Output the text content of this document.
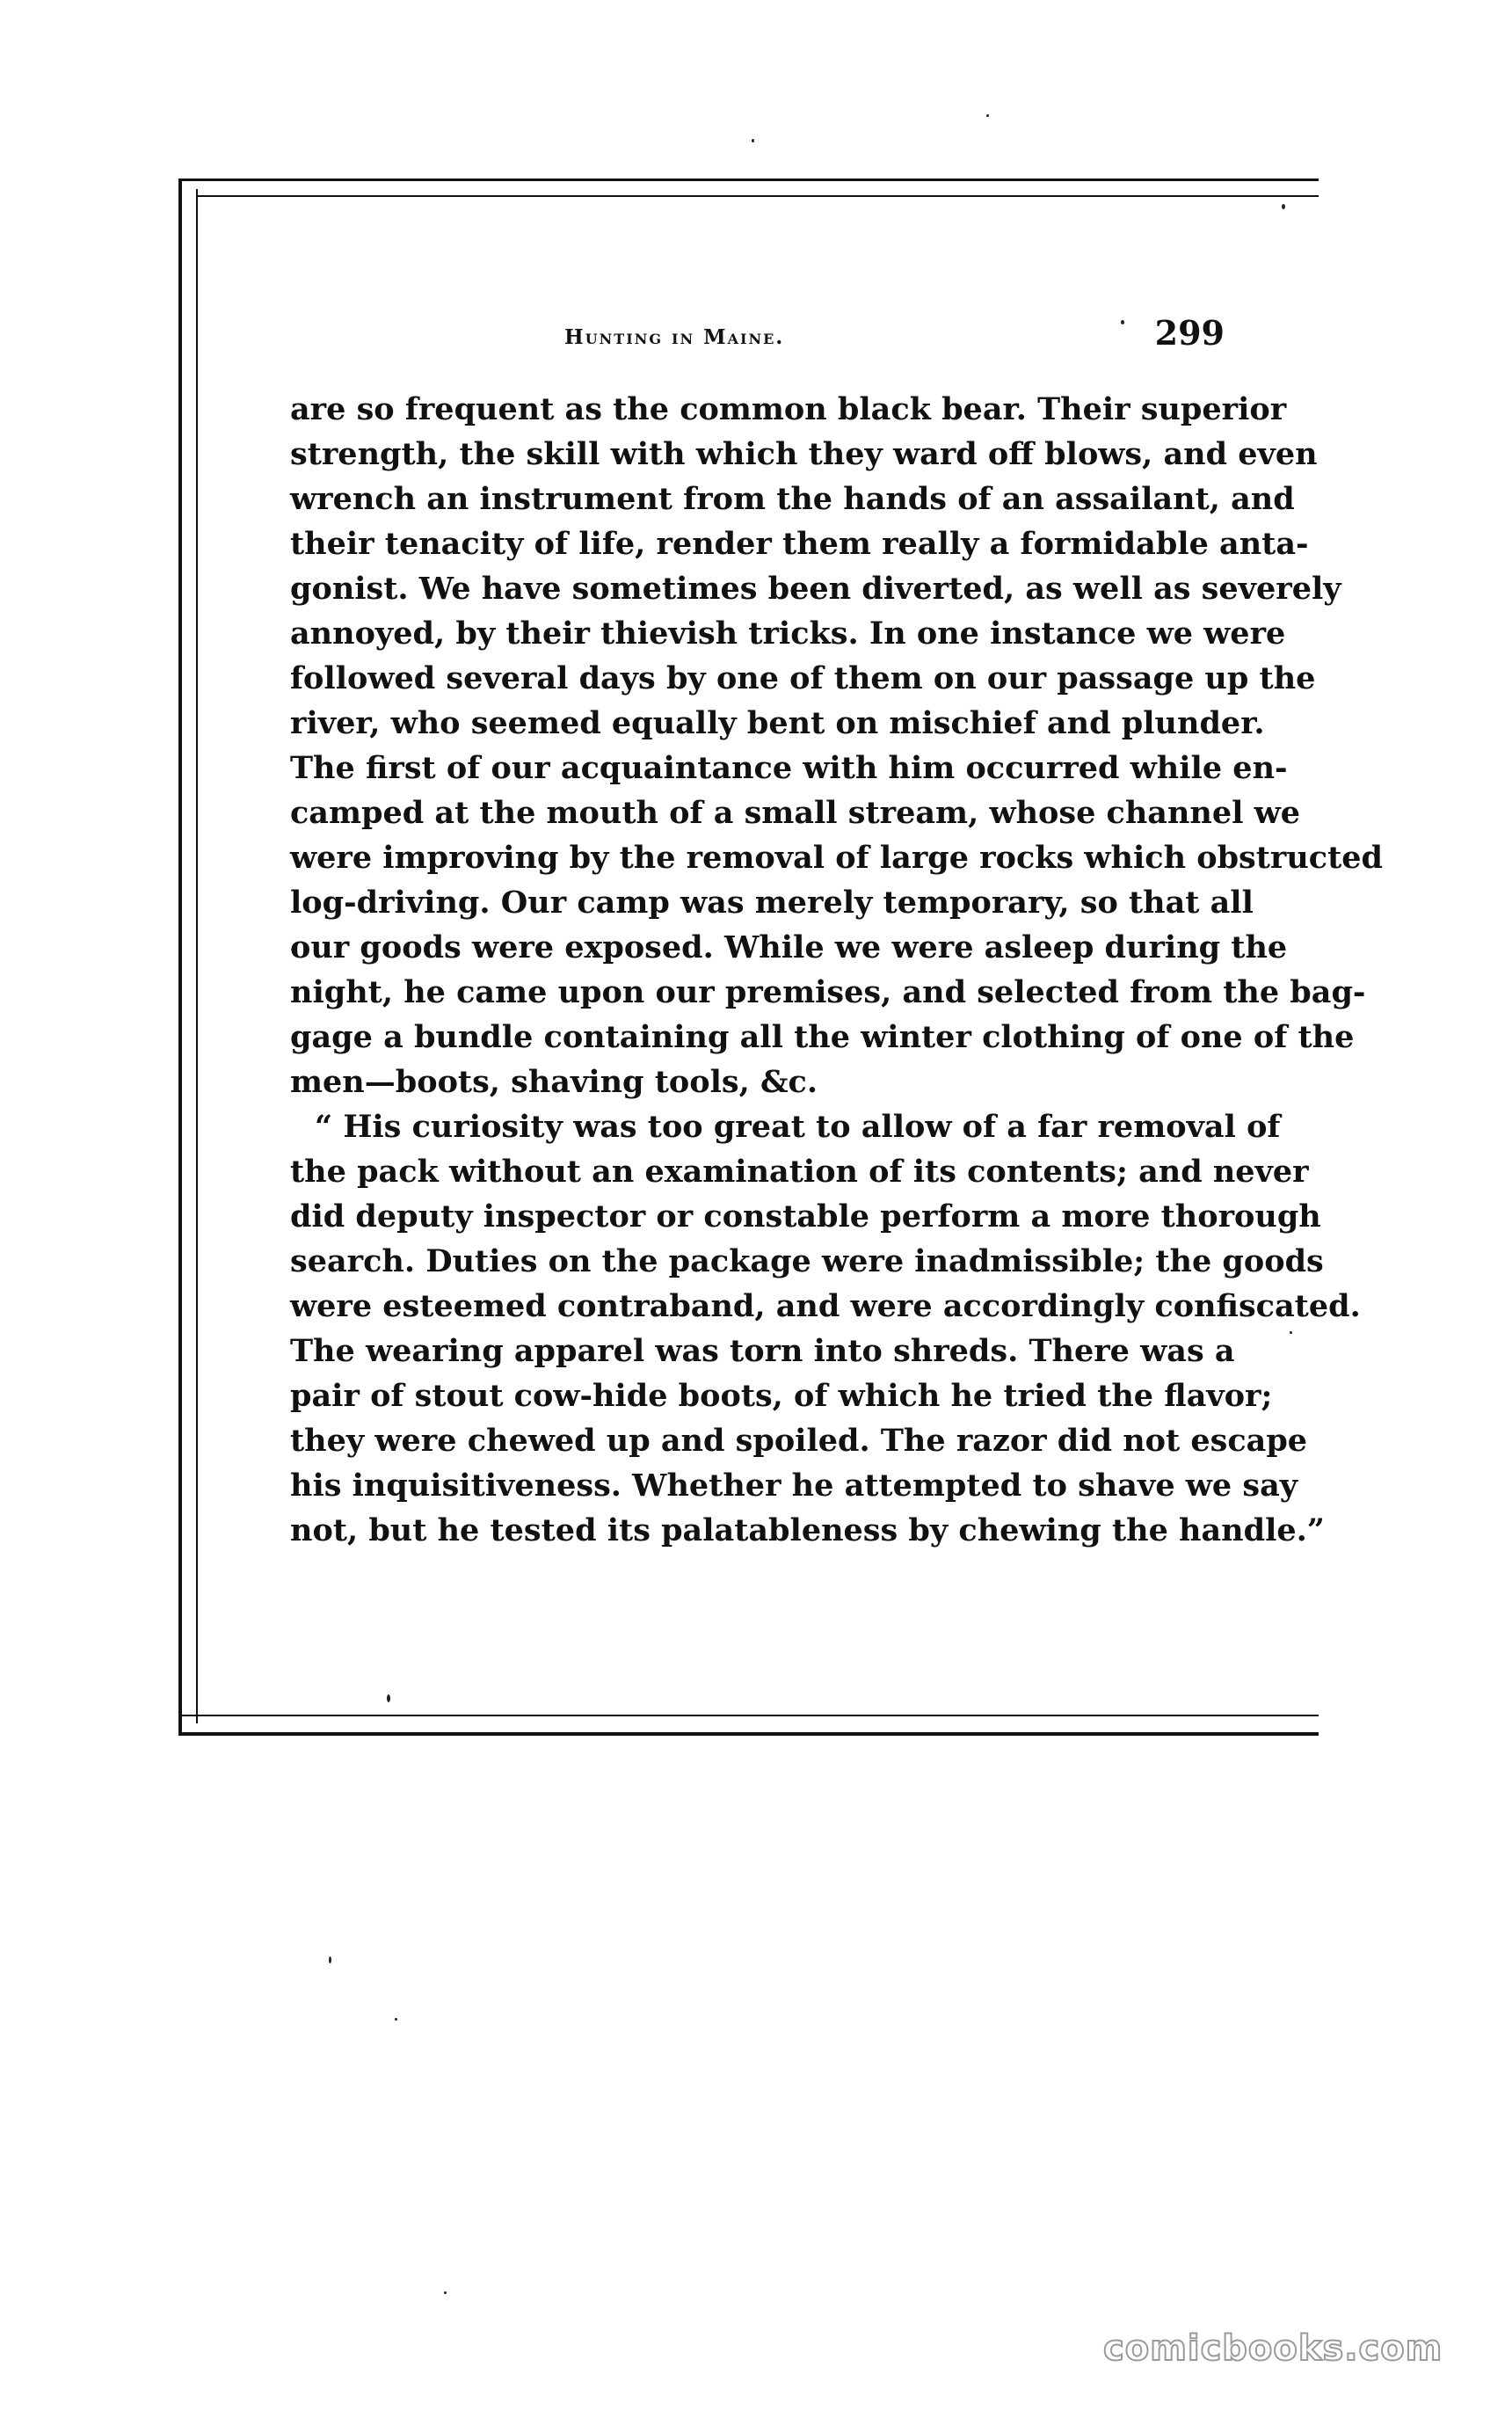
Hunting in Maine.	299
are so frequent as the common black bear. Their superior
strength, the skill with which they ward off blows, and even
wrench an instrument from the hands of an assailant, and
their tenacity of life, render them really a formidable anta-
gonist. We have sometimes been diverted, as well as severely
annoyed, by their thievish tricks. In one instance we were
followed several days by one of them on our passage up the
river, who seemed equally bent on mischief and plunder.
The first of our acquaintance with him occurred while en-
camped at the mouth of a small stream, whose channel we
were improving by the removal of large rocks which obstructed
log-driving. Our camp was merely temporary, so that all
our goods were exposed. While we were asleep during the
night, he came upon our premises, and selected from the bag-
gage a bundle containing all the winter clothing of one of the
men—boots, shaving tools, &c.
“ His curiosity was too great to allow of a far removal of
the pack without an examination of its contents; and never
did deputy inspector or constable perform a more thorough
search. Duties on the package were inadmissible; the goods
were esteemed contraband, and were accordingly confiscated.
The wearing apparel was torn into shreds. There was a
pair of stout cow-hide boots, of which he tried the flavor;
they were chewed up and spoiled. The razor did not escape
his inquisitiveness. Whether he attempted to shave we say
not, but he tested its palatableness by chewing the handle.”
comicbooks.com
